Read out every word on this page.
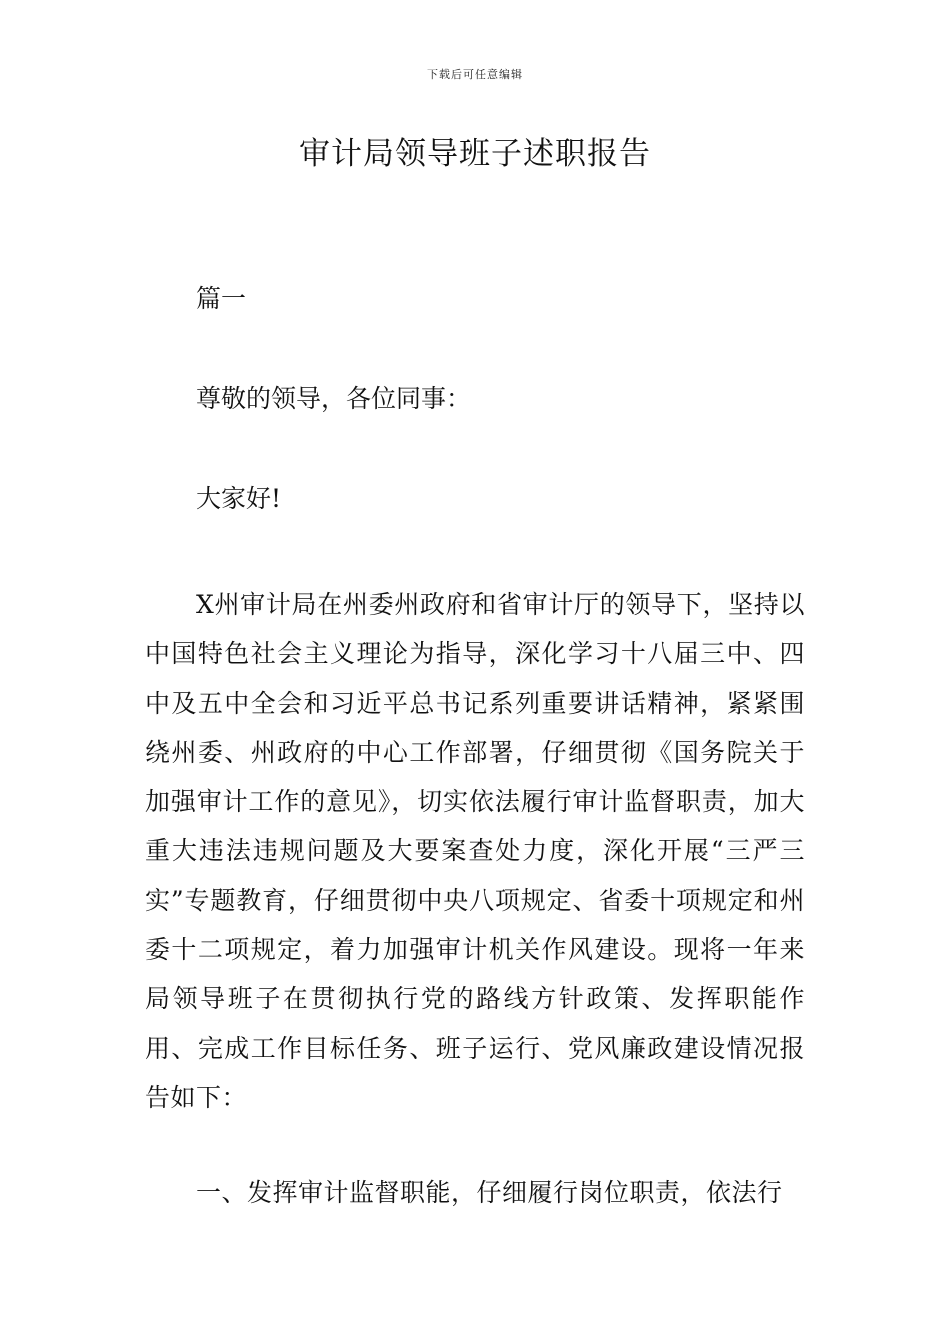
下载后可任意编辑
审计局领导班子述职报告
篇一
尊敬的领导，各位同事：
大家好!

X州审计局在州委州政府和省审计厅的领导下，坚持以中国特色社会主义理论为指导，深化学习十八届三中、四中及五中全会和习近平总书记系列重要讲话精神，紧紧围绕州委、州政府的中心工作部署，仔细贯彻《国务院关于加强审计工作的意见》，切实依法履行审计监督职责，加大重大违法违规问题及大要案查处力度，深化开展“三严三实”专题教育，仔细贯彻中央八项规定、省委十项规定和州委十二项规定，着力加强审计机关作风建设。现将一年来局领导班子在贯彻执行党的路线方针政策、发挥职能作用、完成工作目标任务、班子运行、党风廉政建设情况报告如下：

一、发挥审计监督职能，仔细履行岗位职责，依法行
